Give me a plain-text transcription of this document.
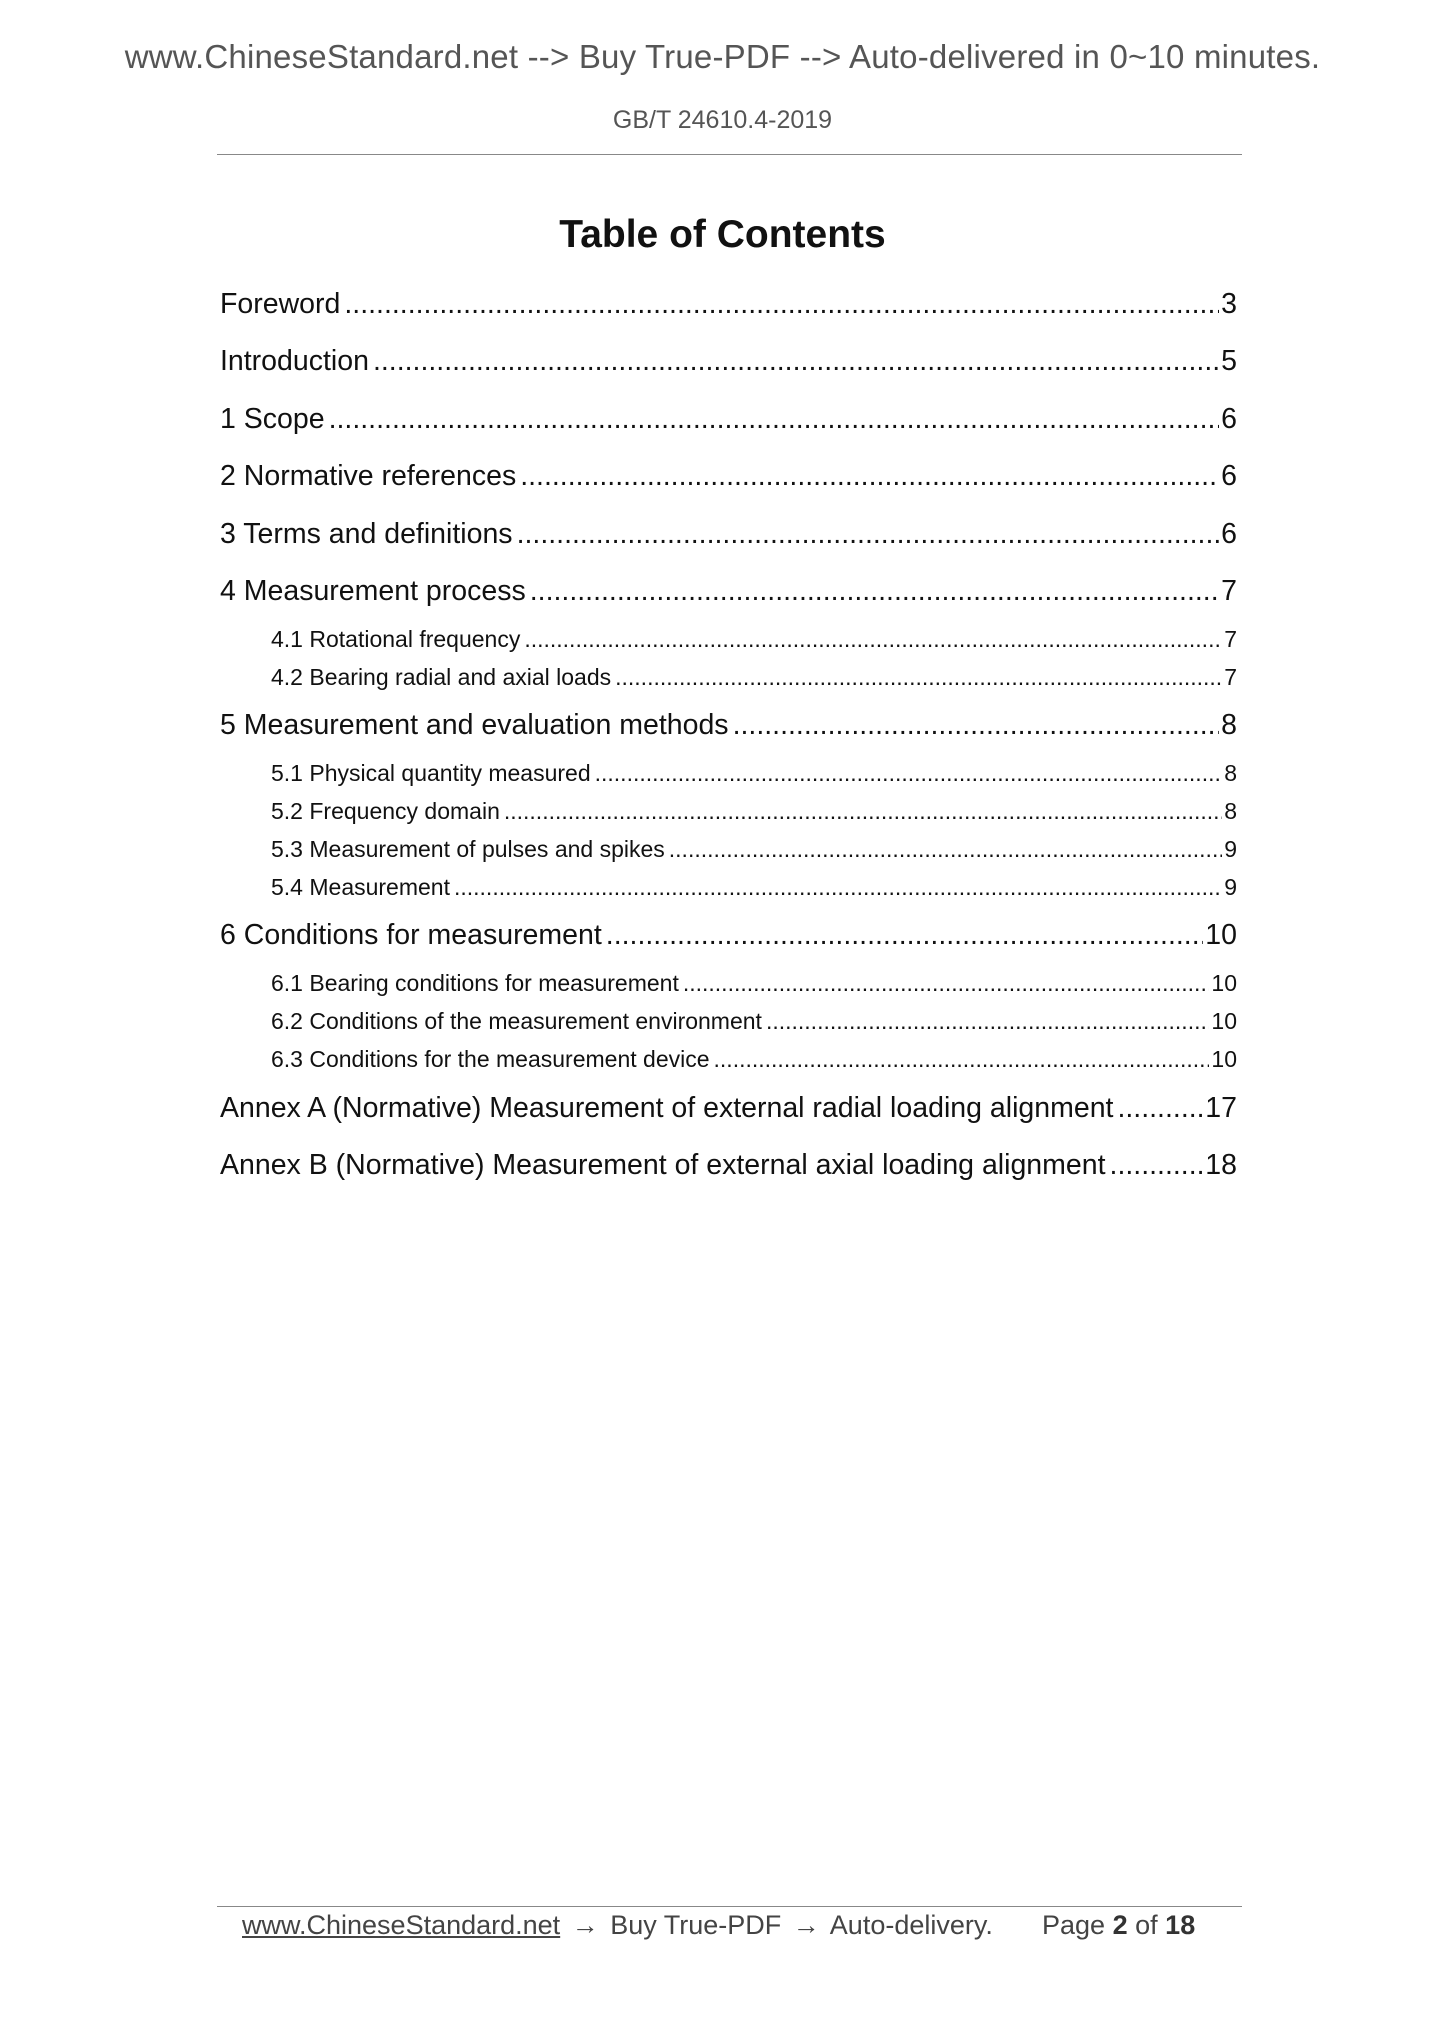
www.ChineseStandard.net --> Buy True-PDF --> Auto-delivered in 0~10 minutes.
GB/T 24610.4-2019
Table of Contents
Foreword .....	3
Introduction .....	5
1 Scope .....	6
2 Normative references .....	6
3 Terms and definitions .....	6
4 Measurement process .....	7
4.1 Rotational frequency .....	7
4.2 Bearing radial and axial loads .....	7
5 Measurement and evaluation methods .....	8
5.1 Physical quantity measured .....	8
5.2 Frequency domain .....	8
5.3 Measurement of pulses and spikes .....	9
5.4 Measurement .....	9
6 Conditions for measurement .....	10
6.1 Bearing conditions for measurement .....	10
6.2 Conditions of the measurement environment .....	10
6.3 Conditions for the measurement device .....	10
Annex A (Normative) Measurement of external radial loading alignment .....	17
Annex B (Normative) Measurement of external axial loading alignment .....	18
www.ChineseStandard.net → Buy True-PDF → Auto-delivery. Page 2 of 18
